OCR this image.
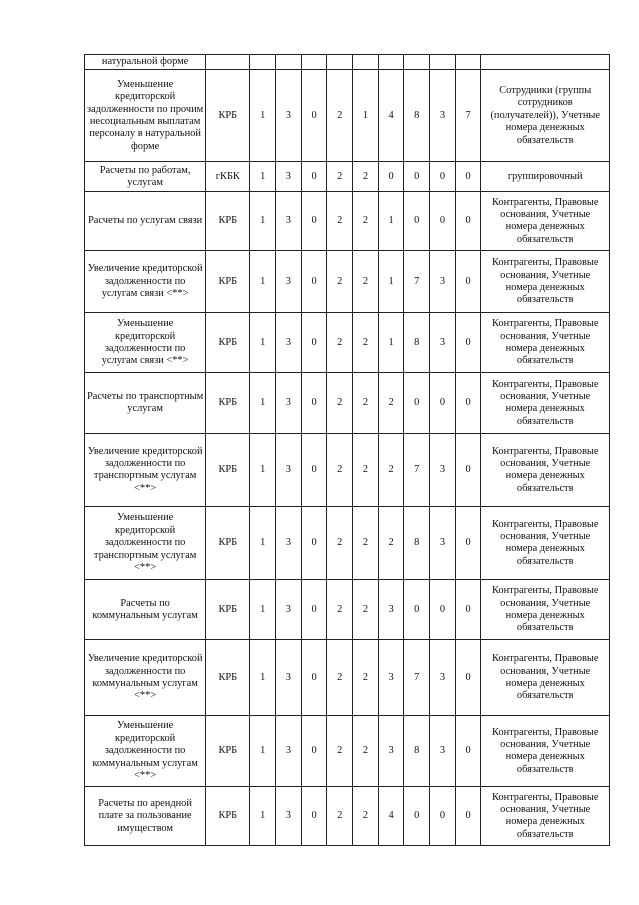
натуральной форме											
Уменьшение кредиторской задолженности по прочим несоциальным выплатам персоналу в натуральной форме	КРБ	1	3	0	2	1	4	8	3	7	Сотрудники (группы сотрудников (получателей)), Учетные номера денежных обязательств
Расчеты по работам, услугам	гКБК	1	3	0	2	2	0	0	0	0	группировочный
Расчеты по услугам связи	КРБ	1	3	0	2	2	1	0	0	0	Контрагенты, Правовые основания, Учетные номера денежных обязательств
Увеличение кредиторской задолженности по услугам связи <**>	КРБ	1	3	0	2	2	1	7	3	0	Контрагенты, Правовые основания, Учетные номера денежных обязательств
Уменьшение кредиторской задолженности по услугам связи <**>	КРБ	1	3	0	2	2	1	8	3	0	Контрагенты, Правовые основания, Учетные номера денежных обязательств
Расчеты по транспортным услугам	КРБ	1	3	0	2	2	2	0	0	0	Контрагенты, Правовые основания, Учетные номера денежных обязательств
Увеличение кредиторской задолженности по транспортным услугам <**>	КРБ	1	3	0	2	2	2	7	3	0	Контрагенты, Правовые основания, Учетные номера денежных обязательств
Уменьшение кредиторской задолженности по транспортным услугам <**>	КРБ	1	3	0	2	2	2	8	3	0	Контрагенты, Правовые основания, Учетные номера денежных обязательств
Расчеты по коммунальным услугам	КРБ	1	3	0	2	2	3	0	0	0	Контрагенты, Правовые основания, Учетные номера денежных обязательств
Увеличение кредиторской задолженности по коммунальным услугам <**>	КРБ	1	3	0	2	2	3	7	3	0	Контрагенты, Правовые основания, Учетные номера денежных обязательств
Уменьшение кредиторской задолженности по коммунальным услугам <**>	КРБ	1	3	0	2	2	3	8	3	0	Контрагенты, Правовые основания, Учетные номера денежных обязательств
Расчеты по арендной плате за пользование имуществом	КРБ	1	3	0	2	2	4	0	0	0	Контрагенты, Правовые основания, Учетные номера денежных обязательств
